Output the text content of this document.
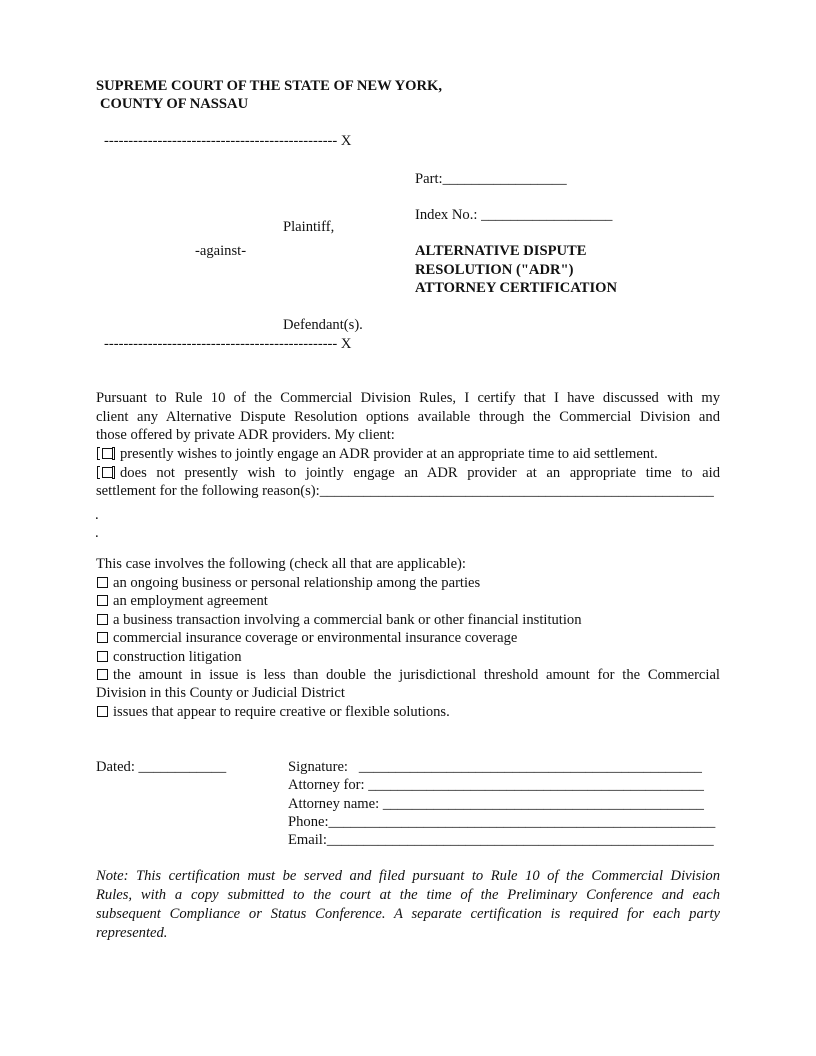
SUPREME COURT OF THE STATE OF NEW YORK,
COUNTY OF NASSAU
------------------------------------------------ X
Part:_________________
Index No.: __________________
Plaintiff,
-against-	ALTERNATIVE DISPUTE
RESOLUTION ("ADR")
ATTORNEY CERTIFICATION
Defendant(s).
------------------------------------------------ X
Pursuant to Rule 10 of the Commercial Division Rules, I certify that I have discussed with my
client any Alternative Dispute Resolution options available through the Commercial Division and
those offered by private ADR providers. My client:
presently wishes to jointly engage an ADR provider at an appropriate time to aid settlement.
does not presently wish to jointly engage an ADR provider at an appropriate time to aid
settlement for the following reason(s):______________________________________________________
.
.
This case involves the following (check all that are applicable):
an ongoing business or personal relationship among the parties
an employment agreement
a business transaction involving a commercial bank or other financial institution
commercial insurance coverage or environmental insurance coverage
construction litigation
the amount in issue is less than double the jurisdictional threshold amount for the Commercial
Division in this County or Judicial District
issues that appear to require creative or flexible solutions.
Dated: ____________	Signature:   _______________________________________________
Attorney for: ______________________________________________
Attorney name: ____________________________________________
Phone:_____________________________________________________
Email:_____________________________________________________
Note: This certification must be served and filed pursuant to Rule 10 of the Commercial Division
Rules, with a copy submitted to the court at the time of the Preliminary Conference and each
subsequent Compliance or Status Conference. A separate certification is required for each party
represented.
